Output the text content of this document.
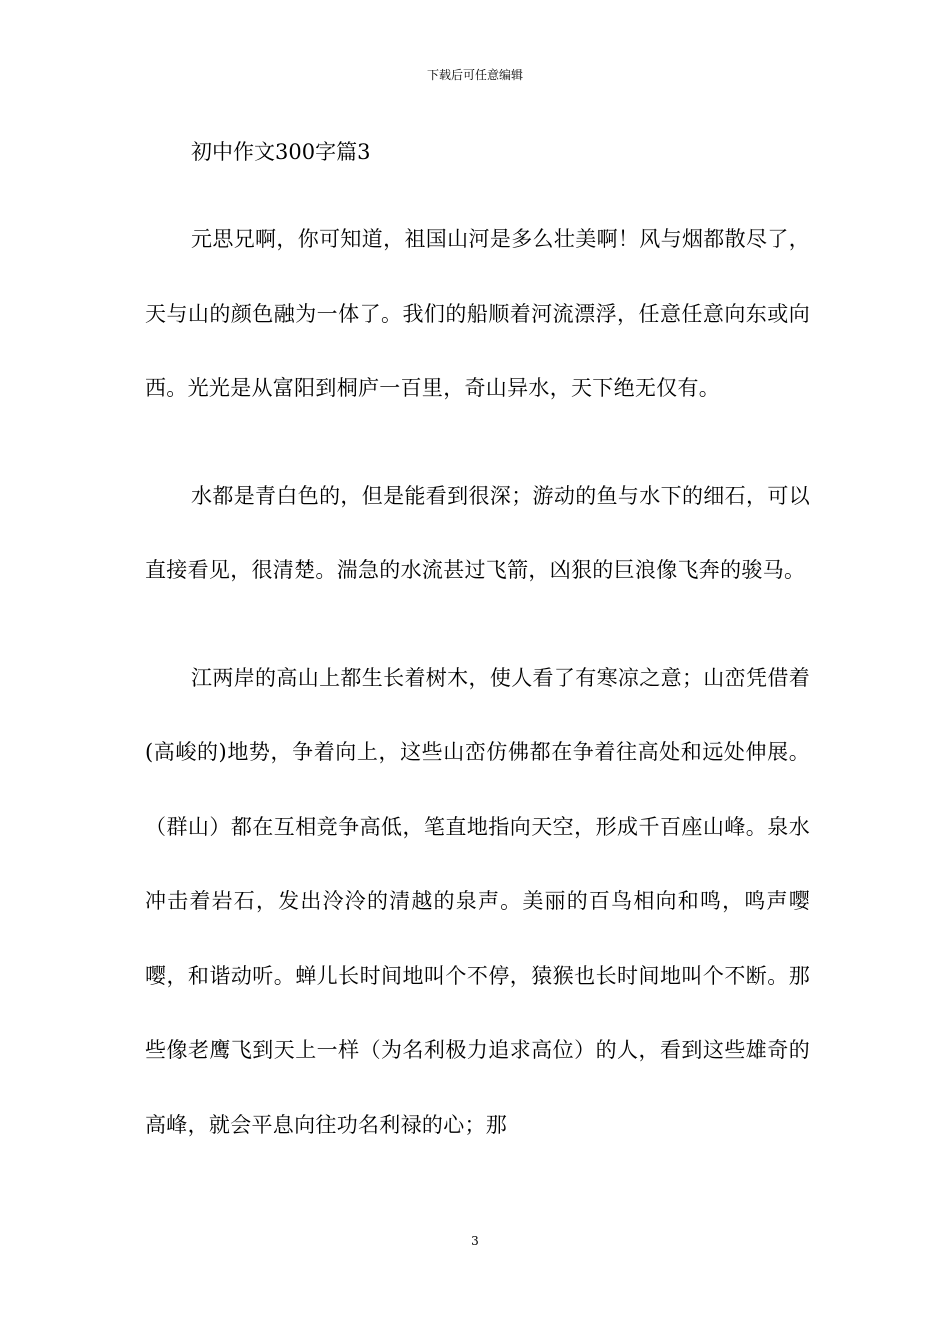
下载后可任意编辑

初中作文300字篇3

元思兄啊，你可知道，祖国山河是多么壮美啊！风与烟都散尽了，天与山的颜色融为一体了。我们的船顺着河流漂浮，任意任意向东或向西。光光是从富阳到桐庐一百里，奇山异水，天下绝无仅有。

水都是青白色的，但是能看到很深；游动的鱼与水下的细石，可以直接看见，很清楚。湍急的水流甚过飞箭，凶狠的巨浪像飞奔的骏马。

江两岸的高山上都生长着树木，使人看了有寒凉之意；山峦凭借着(高峻的)地势，争着向上，这些山峦仿佛都在争着往高处和远处伸展。（群山）都在互相竞争高低，笔直地指向天空，形成千百座山峰。泉水冲击着岩石，发出泠泠的清越的泉声。美丽的百鸟相向和鸣，鸣声嘤嘤，和谐动听。蝉儿长时间地叫个不停，猿猴也长时间地叫个不断。那些像老鹰飞到天上一样（为名利极力追求高位）的人，看到这些雄奇的高峰，就会平息向往功名利禄的心；那

3
